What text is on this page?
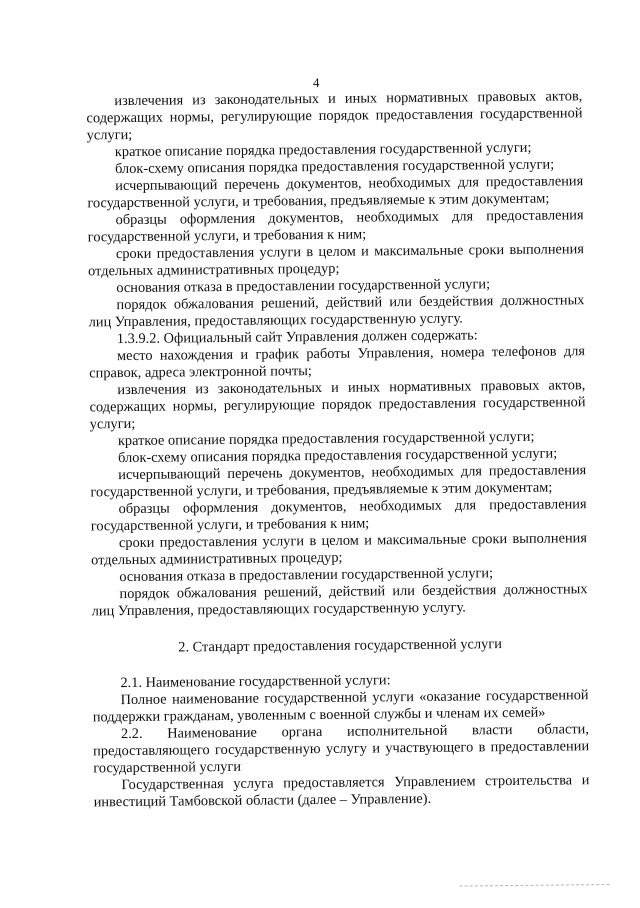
4

извлечения из законодательных и иных нормативных правовых актов, содержащих нормы, регулирующие порядок предоставления государственной услуги;

краткое описание порядка предоставления государственной услуги;

блок-схему описания порядка предоставления государственной услуги;

исчерпывающий перечень документов, необходимых для предоставления государственной услуги, и требования, предъявляемые к этим документам;

образцы оформления документов, необходимых для предоставления государственной услуги, и требования к ним;

сроки предоставления услуги в целом и максимальные сроки выполнения отдельных административных процедур;

основания отказа в предоставлении государственной услуги;

порядок обжалования решений, действий или бездействия должностных лиц Управления, предоставляющих государственную услугу.

1.3.9.2. Официальный сайт Управления должен содержать:

место нахождения и график работы Управления, номера телефонов для справок, адреса электронной почты;

извлечения из законодательных и иных нормативных правовых актов, содержащих нормы, регулирующие порядок предоставления государственной услуги;

краткое описание порядка предоставления государственной услуги;

блок-схему описания порядка предоставления государственной услуги;

исчерпывающий перечень документов, необходимых для предоставления государственной услуги, и требования, предъявляемые к этим документам;

образцы оформления документов, необходимых для предоставления государственной услуги, и требования к ним;

сроки предоставления услуги в целом и максимальные сроки выполнения отдельных административных процедур;

основания отказа в предоставлении государственной услуги;

порядок обжалования решений, действий или бездействия должностных лиц Управления, предоставляющих государственную услугу.

2. Стандарт предоставления государственной услуги

2.1. Наименование государственной услуги:

Полное наименование государственной услуги «оказание государственной поддержки гражданам, уволенным с военной службы и членам их семей»

2.2. Наименование органа исполнительной власти области, предоставляющего государственную услугу и участвующего в предоставлении государственной услуги

Государственная услуга предоставляется Управлением строительства и инвестиций Тамбовской области (далее – Управление).
